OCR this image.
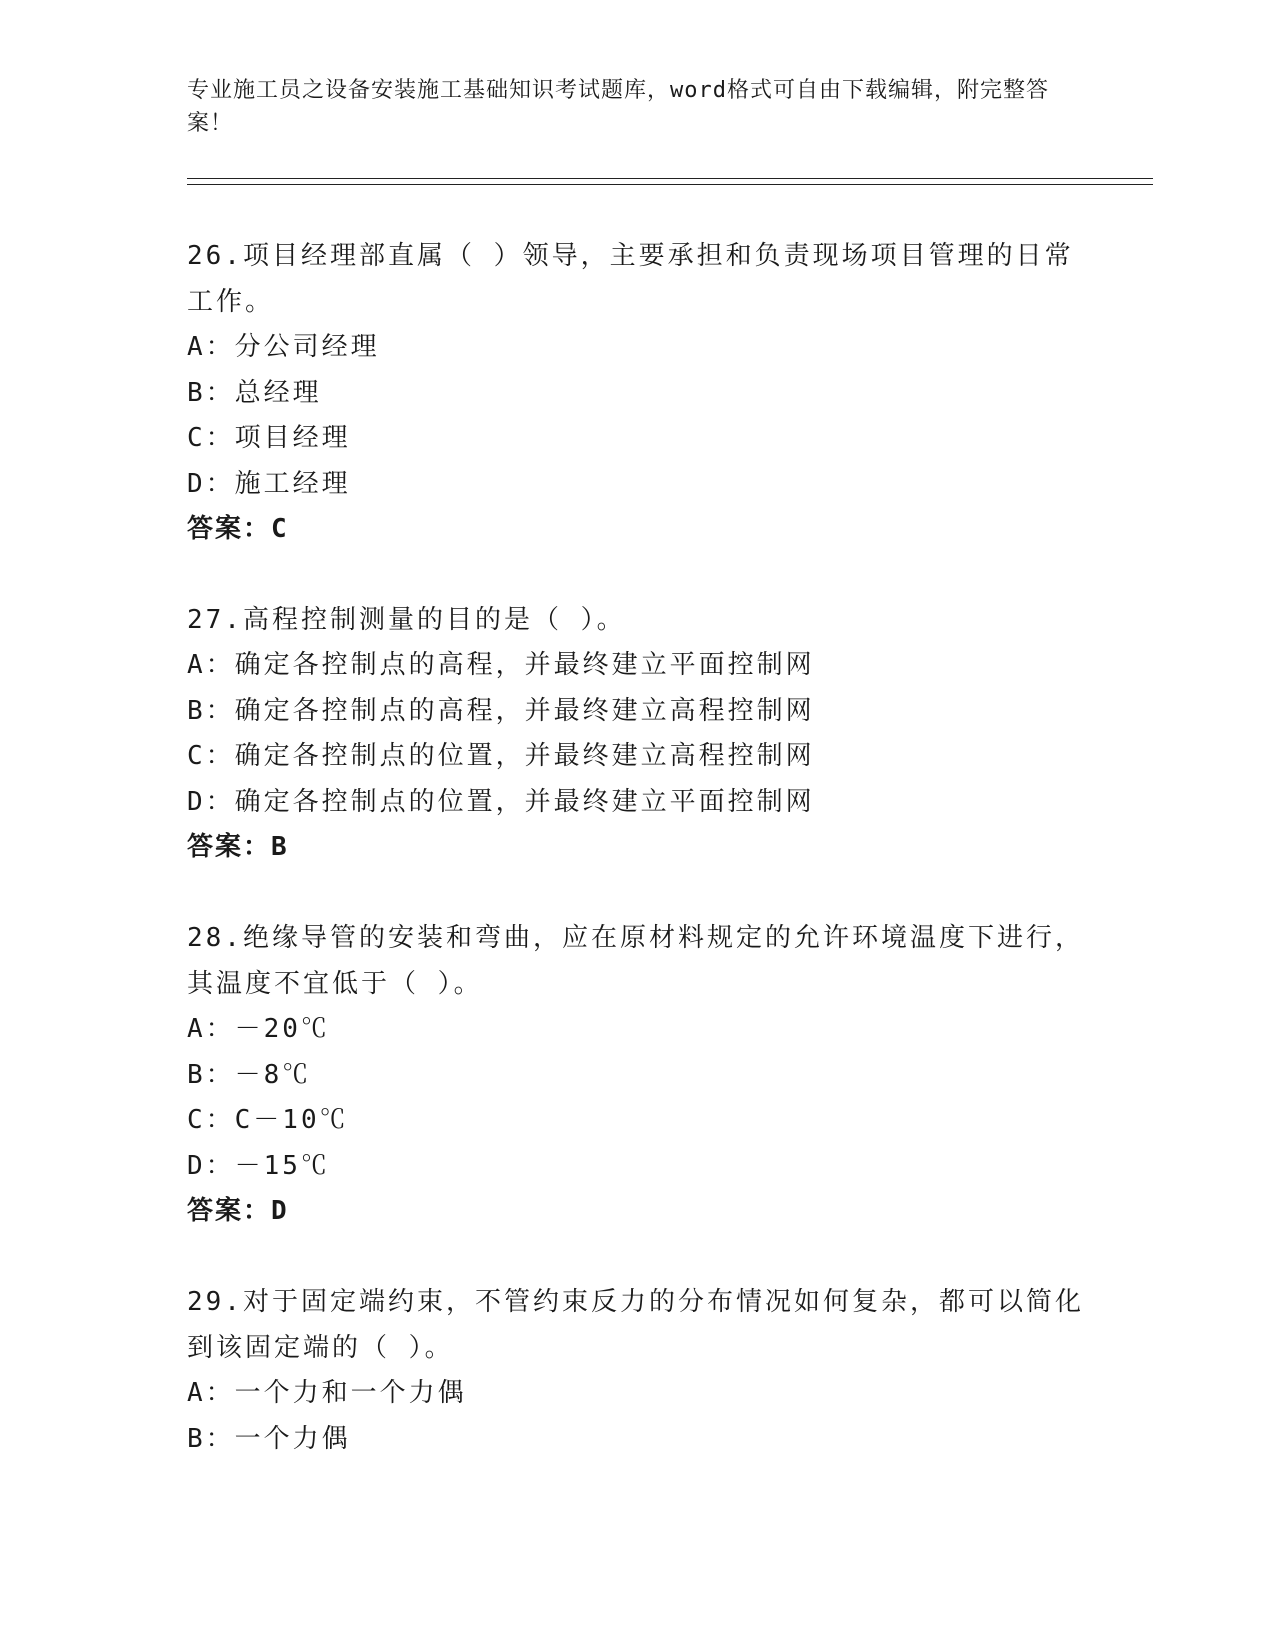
专业施工员之设备安装施工基础知识考试题库，word格式可自由下载编辑，附完整答案！

26.项目经理部直属（ ）领导，主要承担和负责现场项目管理的日常工作。

A：分公司经理

B：总经理

C：项目经理

D：施工经理

答案：C

27.高程控制测量的目的是（ ）。

A：确定各控制点的高程，并最终建立平面控制网

B：确定各控制点的高程，并最终建立高程控制网

C：确定各控制点的位置，并最终建立高程控制网

D：确定各控制点的位置，并最终建立平面控制网

答案：B

28.绝缘导管的安装和弯曲，应在原材料规定的允许环境温度下进行，其温度不宜低于（ ）。

A：－20℃

B：－8℃

C：C－10℃

D：－15℃

答案：D

29.对于固定端约束，不管约束反力的分布情况如何复杂，都可以简化到该固定端的（ ）。

A：一个力和一个力偶

B：一个力偶
